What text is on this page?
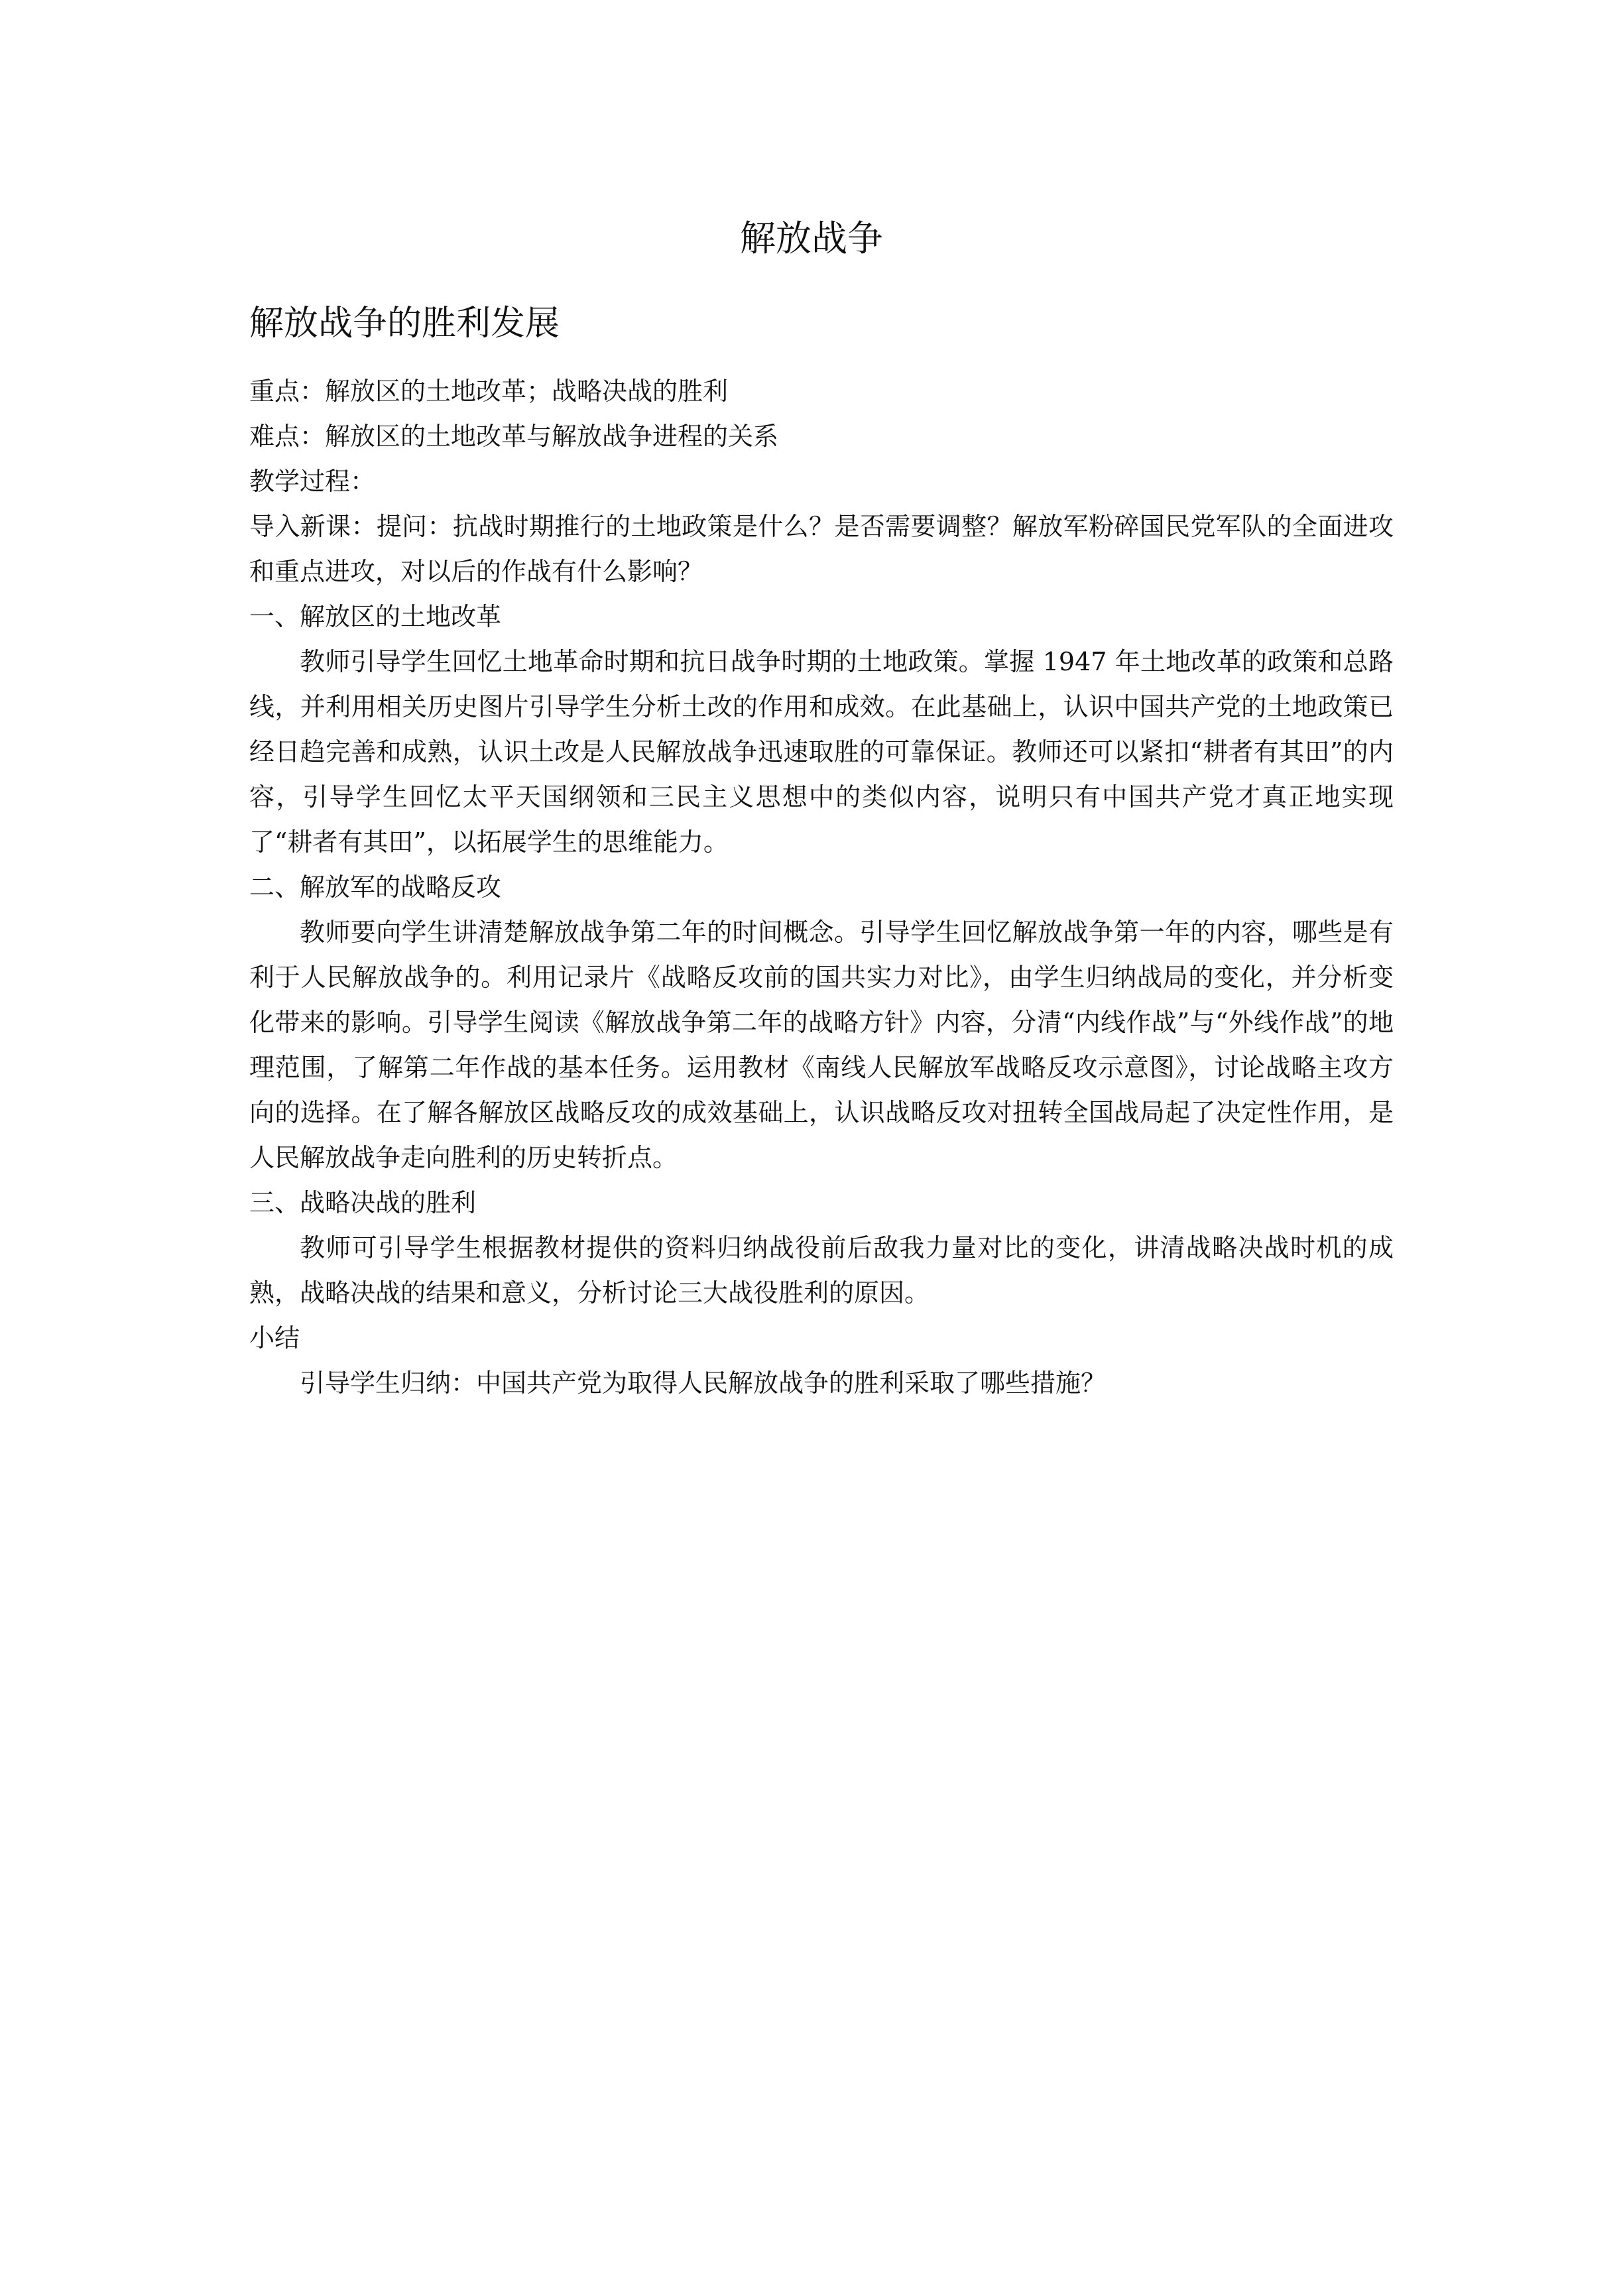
解放战争
解放战争的胜利发展

重点：解放区的土地改革；战略决战的胜利

难点：解放区的土地改革与解放战争进程的关系

教学过程：

导入新课：提问：抗战时期推行的土地政策是什么？是否需要调整？解放军粉碎国民党军队的全面进攻和重点进攻，对以后的作战有什么影响？

一、解放区的土地改革

教师引导学生回忆土地革命时期和抗日战争时期的土地政策。掌握 1947 年土地改革的政策和总路线，并利用相关历史图片引导学生分析土改的作用和成效。在此基础上，认识中国共产党的土地政策已经日趋完善和成熟，认识土改是人民解放战争迅速取胜的可靠保证。教师还可以紧扣“耕者有其田”的内容，引导学生回忆太平天国纲领和三民主义思想中的类似内容，说明只有中国共产党才真正地实现了“耕者有其田”，以拓展学生的思维能力。

二、解放军的战略反攻

教师要向学生讲清楚解放战争第二年的时间概念。引导学生回忆解放战争第一年的内容，哪些是有利于人民解放战争的。利用记录片《战略反攻前的国共实力对比》，由学生归纳战局的变化，并分析变化带来的影响。引导学生阅读《解放战争第二年的战略方针》内容，分清“内线作战”与“外线作战”的地理范围，了解第二年作战的基本任务。运用教材《南线人民解放军战略反攻示意图》，讨论战略主攻方向的选择。在了解各解放区战略反攻的成效基础上，认识战略反攻对扭转全国战局起了决定性作用，是人民解放战争走向胜利的历史转折点。

三、战略决战的胜利

教师可引导学生根据教材提供的资料归纳战役前后敌我力量对比的变化，讲清战略决战时机的成熟，战略决战的结果和意义，分析讨论三大战役胜利的原因。

小结

引导学生归纳：中国共产党为取得人民解放战争的胜利采取了哪些措施？
